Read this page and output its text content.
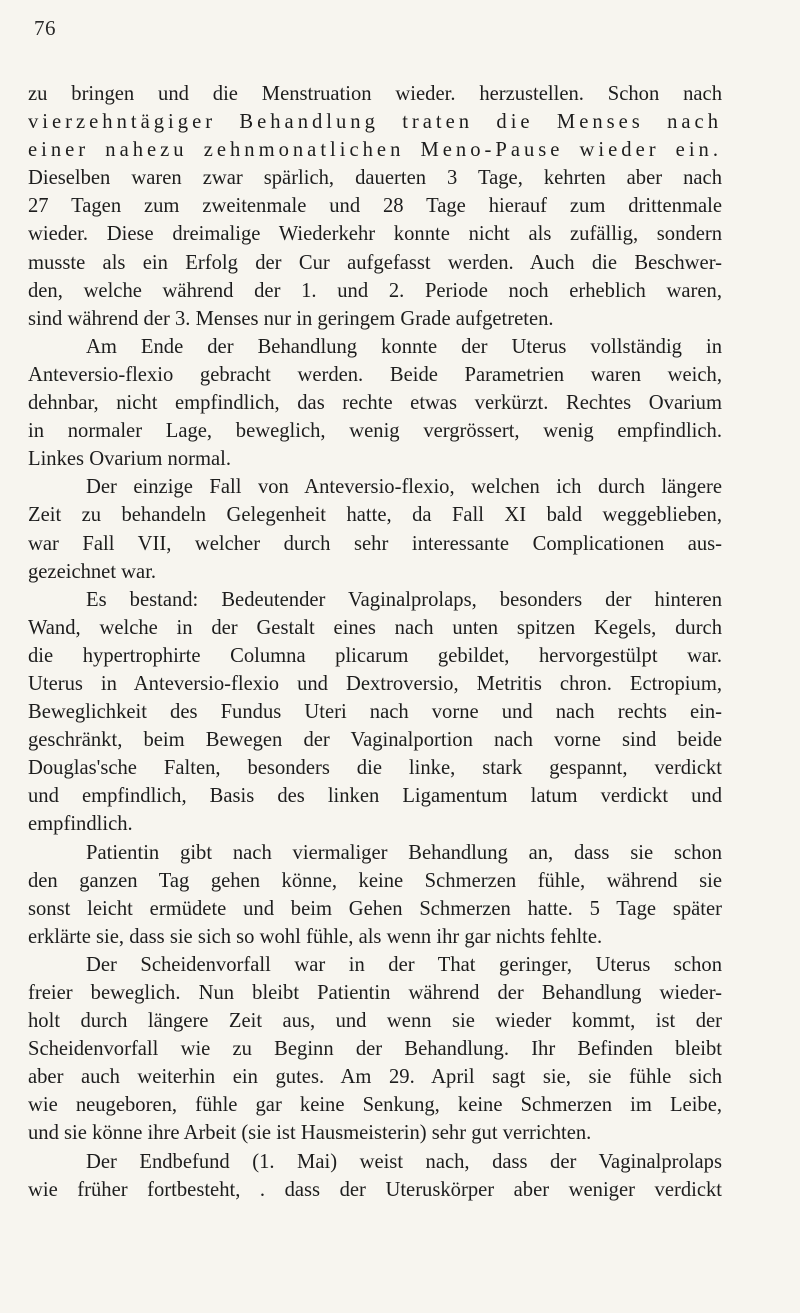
76
zu bringen und die Menstruation wieder. herzustellen. Schon nach
vierzehntägiger Behandlung traten die Menses nach
einer nahezu zehnmonatlichen Meno-Pause wieder ein.
Dieselben waren zwar spärlich, dauerten 3 Tage, kehrten aber nach
27 Tagen zum zweitenmale und 28 Tage hierauf zum drittenmale
wieder. Diese dreimalige Wiederkehr konnte nicht als zufällig, sondern
musste als ein Erfolg der Cur aufgefasst werden. Auch die Beschwer-
den, welche während der 1. und 2. Periode noch erheblich waren,
sind während der 3. Menses nur in geringem Grade aufgetreten.
Am Ende der Behandlung konnte der Uterus vollständig in
Anteversio-flexio gebracht werden. Beide Parametrien waren weich,
dehnbar, nicht empfindlich, das rechte etwas verkürzt. Rechtes Ovarium
in normaler Lage, beweglich, wenig vergrössert, wenig empfindlich.
Linkes Ovarium normal.
Der einzige Fall von Anteversio-flexio, welchen ich durch längere
Zeit zu behandeln Gelegenheit hatte, da Fall XI bald weggeblieben,
war Fall VII, welcher durch sehr interessante Complicationen aus-
gezeichnet war.
Es bestand: Bedeutender Vaginalprolaps, besonders der hinteren
Wand, welche in der Gestalt eines nach unten spitzen Kegels, durch
die hypertrophirte Columna plicarum gebildet, hervorgestülpt war.
Uterus in Anteversio-flexio und Dextroversio, Metritis chron. Ectropium,
Beweglichkeit des Fundus Uteri nach vorne und nach rechts ein-
geschränkt, beim Bewegen der Vaginalportion nach vorne sind beide
Douglas'sche Falten, besonders die linke, stark gespannt, verdickt
und empfindlich, Basis des linken Ligamentum latum verdickt und
empfindlich.
Patientin gibt nach viermaliger Behandlung an, dass sie schon
den ganzen Tag gehen könne, keine Schmerzen fühle, während sie
sonst leicht ermüdete und beim Gehen Schmerzen hatte. 5 Tage später
erklärte sie, dass sie sich so wohl fühle, als wenn ihr gar nichts fehlte.
Der Scheidenvorfall war in der That geringer, Uterus schon
freier beweglich. Nun bleibt Patientin während der Behandlung wieder-
holt durch längere Zeit aus, und wenn sie wieder kommt, ist der
Scheidenvorfall wie zu Beginn der Behandlung. Ihr Befinden bleibt
aber auch weiterhin ein gutes. Am 29. April sagt sie, sie fühle sich
wie neugeboren, fühle gar keine Senkung, keine Schmerzen im Leibe,
und sie könne ihre Arbeit (sie ist Hausmeisterin) sehr gut verrichten.
Der Endbefund (1. Mai) weist nach, dass der Vaginalprolaps
wie früher fortbesteht, . dass der Uteruskörper aber weniger verdickt
